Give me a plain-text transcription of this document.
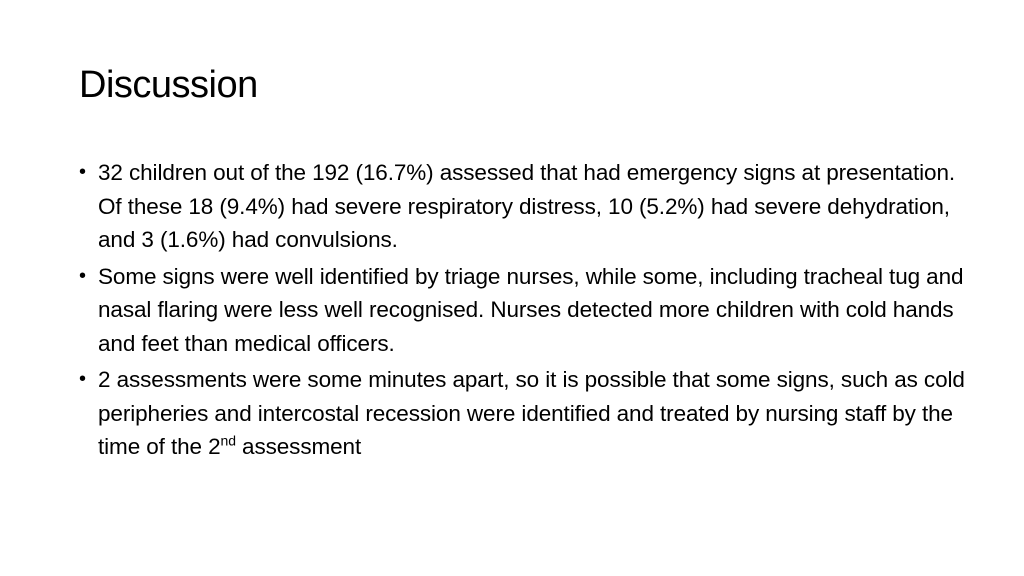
Discussion
• 32 children out of the 192 (16.7%) assessed that had emergency signs at presentation. Of these 18 (9.4%) had severe respiratory distress, 10 (5.2%) had severe dehydration, and 3 (1.6%) had convulsions.
• Some signs were well identified by triage nurses, while some, including tracheal tug and nasal flaring were less well recognised. Nurses detected more children with cold hands and feet than medical officers.
• 2 assessments were some minutes apart, so it is possible that some signs, such as cold peripheries and intercostal recession were identified and treated by nursing staff by the time of the 2nd assessment
